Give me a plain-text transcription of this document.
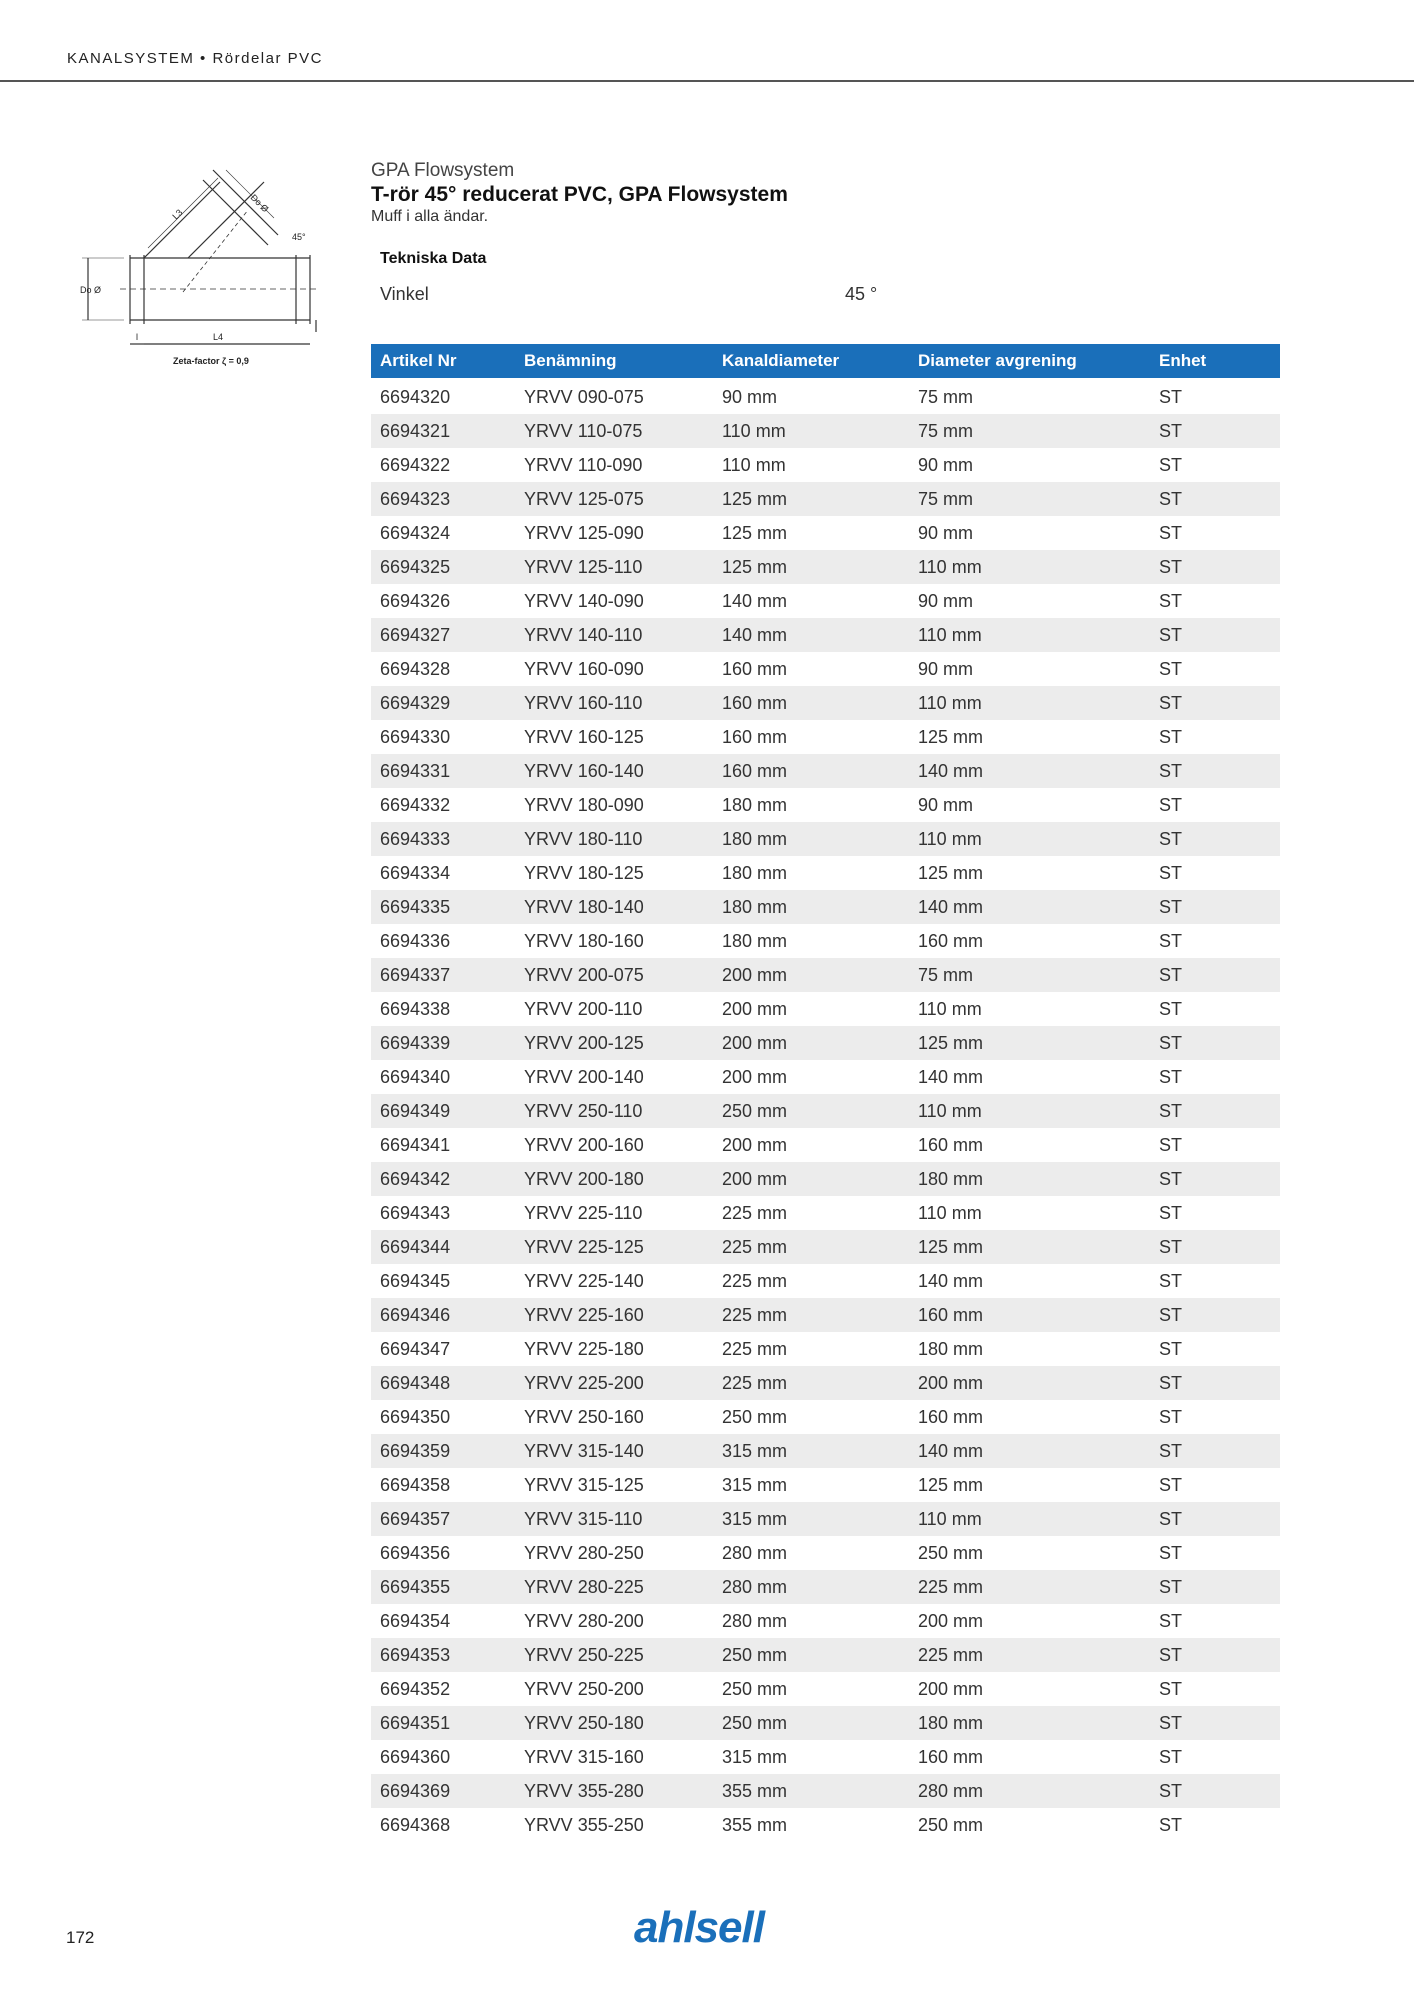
KANALSYSTEM • Rördelar PVC
L3
Do Ø
45°
Do Ø
L4
l
Zeta-factor ζ = 0,9
GPA Flowsystem
T-rör 45° reducerat PVC, GPA Flowsystem
Muff i alla ändar.
Tekniska Data
Vinkel	45 °
Artikel Nr	Benämning	Kanaldiameter	Diameter avgrening	Enhet
6694320	YRVV 090-075	90 mm	75 mm	ST
6694321	YRVV 110-075	110 mm	75 mm	ST
6694322	YRVV 110-090	110 mm	90 mm	ST
6694323	YRVV 125-075	125 mm	75 mm	ST
6694324	YRVV 125-090	125 mm	90 mm	ST
6694325	YRVV 125-110	125 mm	110 mm	ST
6694326	YRVV 140-090	140 mm	90 mm	ST
6694327	YRVV 140-110	140 mm	110 mm	ST
6694328	YRVV 160-090	160 mm	90 mm	ST
6694329	YRVV 160-110	160 mm	110 mm	ST
6694330	YRVV 160-125	160 mm	125 mm	ST
6694331	YRVV 160-140	160 mm	140 mm	ST
6694332	YRVV 180-090	180 mm	90 mm	ST
6694333	YRVV 180-110	180 mm	110 mm	ST
6694334	YRVV 180-125	180 mm	125 mm	ST
6694335	YRVV 180-140	180 mm	140 mm	ST
6694336	YRVV 180-160	180 mm	160 mm	ST
6694337	YRVV 200-075	200 mm	75 mm	ST
6694338	YRVV 200-110	200 mm	110 mm	ST
6694339	YRVV 200-125	200 mm	125 mm	ST
6694340	YRVV 200-140	200 mm	140 mm	ST
6694349	YRVV 250-110	250 mm	110 mm	ST
6694341	YRVV 200-160	200 mm	160 mm	ST
6694342	YRVV 200-180	200 mm	180 mm	ST
6694343	YRVV 225-110	225 mm	110 mm	ST
6694344	YRVV 225-125	225 mm	125 mm	ST
6694345	YRVV 225-140	225 mm	140 mm	ST
6694346	YRVV 225-160	225 mm	160 mm	ST
6694347	YRVV 225-180	225 mm	180 mm	ST
6694348	YRVV 225-200	225 mm	200 mm	ST
6694350	YRVV 250-160	250 mm	160 mm	ST
6694359	YRVV 315-140	315 mm	140 mm	ST
6694358	YRVV 315-125	315 mm	125 mm	ST
6694357	YRVV 315-110	315 mm	110 mm	ST
6694356	YRVV 280-250	280 mm	250 mm	ST
6694355	YRVV 280-225	280 mm	225 mm	ST
6694354	YRVV 280-200	280 mm	200 mm	ST
6694353	YRVV 250-225	250 mm	225 mm	ST
6694352	YRVV 250-200	250 mm	200 mm	ST
6694351	YRVV 250-180	250 mm	180 mm	ST
6694360	YRVV 315-160	315 mm	160 mm	ST
6694369	YRVV 355-280	355 mm	280 mm	ST
6694368	YRVV 355-250	355 mm	250 mm	ST
172	ahlsell
